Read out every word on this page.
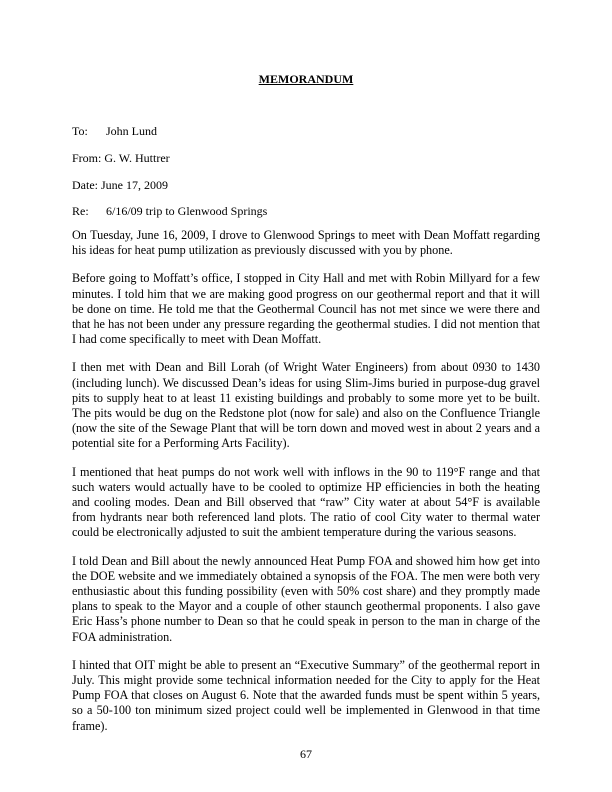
MEMORANDUM
To: John Lund
From: G. W. Huttrer
Date: June 17, 2009
Re: 6/16/09 trip to Glenwood Springs

On Tuesday, June 16, 2009, I drove to Glenwood Springs to meet with Dean Moffatt regarding his ideas for heat pump utilization as previously discussed with you by phone.

Before going to Moffatt’s office, I stopped in City Hall and met with Robin Millyard for a few minutes. I told him that we are making good progress on our geothermal report and that it will be done on time. He told me that the Geothermal Council has not met since we were there and that he has not been under any pressure regarding the geothermal studies. I did not mention that I had come specifically to meet with Dean Moffatt.

I then met with Dean and Bill Lorah (of Wright Water Engineers) from about 0930 to 1430 (including lunch). We discussed Dean’s ideas for using Slim-Jims buried in purpose-dug gravel pits to supply heat to at least 11 existing buildings and probably to some more yet to be built. The pits would be dug on the Redstone plot (now for sale) and also on the Confluence Triangle (now the site of the Sewage Plant that will be torn down and moved west in about 2 years and a potential site for a Performing Arts Facility).

I mentioned that heat pumps do not work well with inflows in the 90 to 119°F range and that such waters would actually have to be cooled to optimize HP efficiencies in both the heating and cooling modes. Dean and Bill observed that “raw” City water at about 54°F is available from hydrants near both referenced land plots. The ratio of cool City water to thermal water could be electronically adjusted to suit the ambient temperature during the various seasons.

I told Dean and Bill about the newly announced Heat Pump FOA and showed him how get into the DOE website and we immediately obtained a synopsis of the FOA. The men were both very enthusiastic about this funding possibility (even with 50% cost share) and they promptly made plans to speak to the Mayor and a couple of other staunch geothermal proponents. I also gave Eric Hass’s phone number to Dean so that he could speak in person to the man in charge of the FOA administration.

I hinted that OIT might be able to present an “Executive Summary” of the geothermal report in July. This might provide some technical information needed for the City to apply for the Heat Pump FOA that closes on August 6. Note that the awarded funds must be spent within 5 years, so a 50-100 ton minimum sized project could well be implemented in Glenwood in that time frame).

67
